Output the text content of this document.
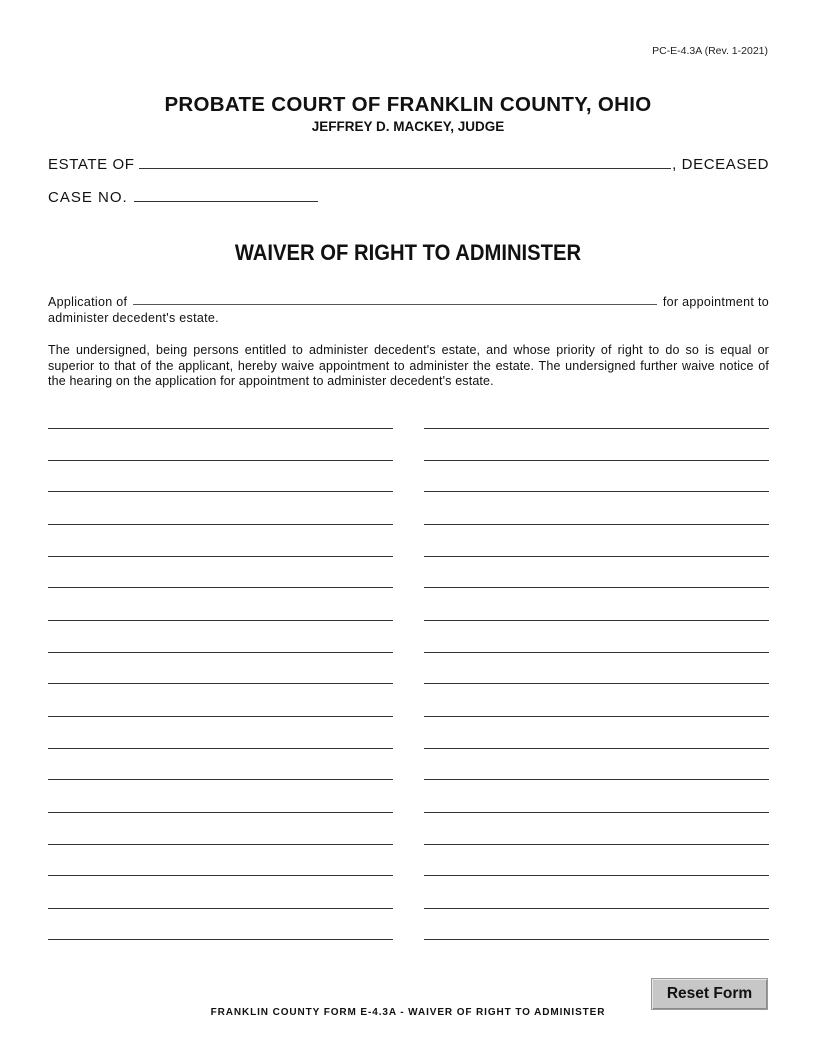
PC-E-4.3A (Rev. 1-2021)
PROBATE COURT OF FRANKLIN COUNTY, OHIO
JEFFREY D. MACKEY, JUDGE
ESTATE OF	, DECEASED
CASE NO.
WAIVER OF RIGHT TO ADMINISTER
Application of	for appointment to
administer decedent's estate.
The undersigned, being persons entitled to administer decedent's estate, and whose priority of right to do so is equal or superior to that of the applicant, hereby waive appointment to administer the estate. The undersigned further waive notice of the hearing on the application for appointment to administer decedent's estate.
Reset Form
FRANKLIN COUNTY FORM E-4.3A - WAIVER OF RIGHT TO ADMINISTER
